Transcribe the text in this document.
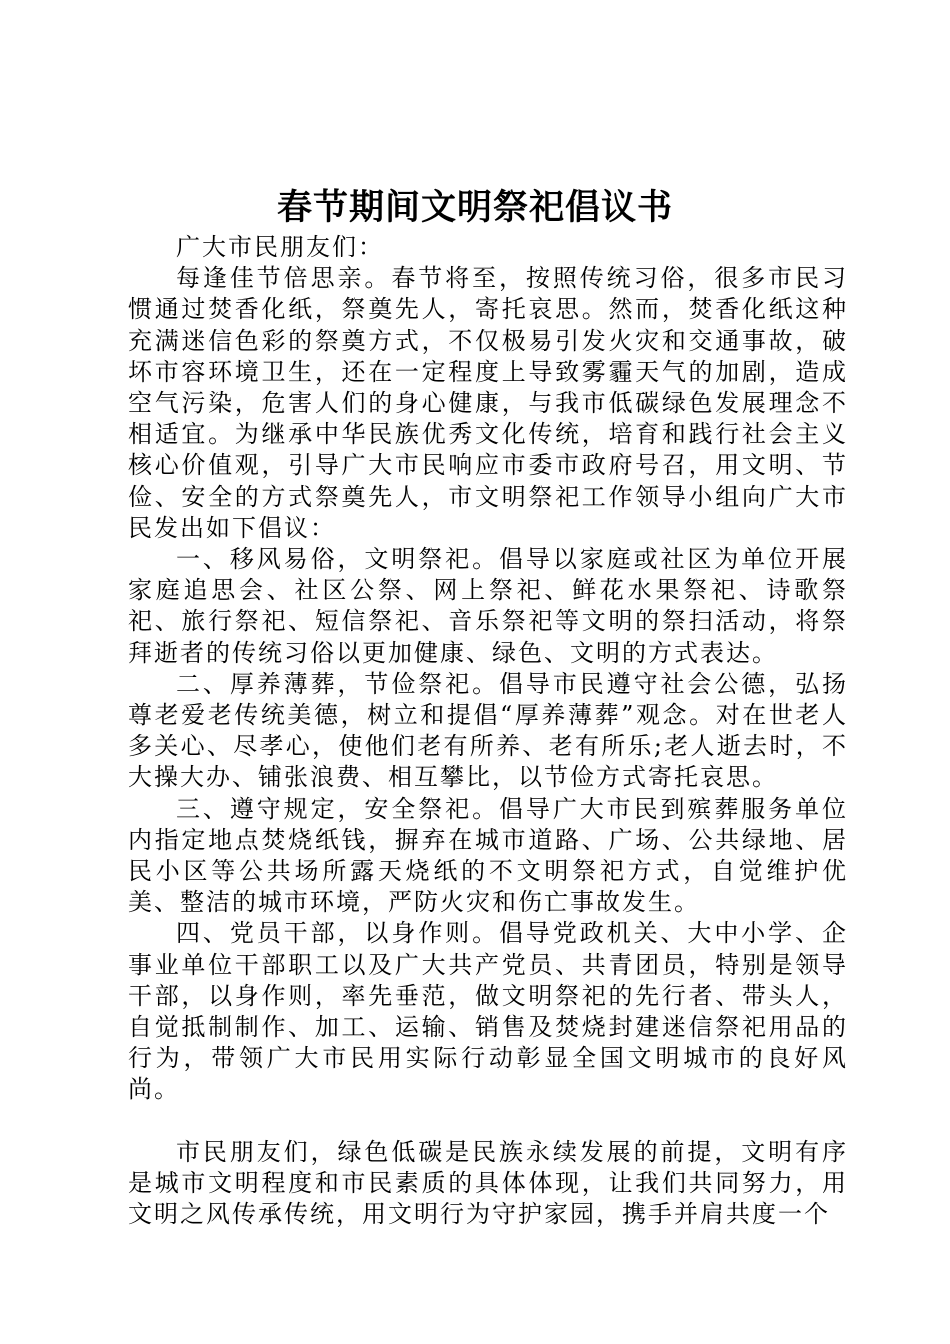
春节期间文明祭祀倡议书

广大市民朋友们：

每逢佳节倍思亲。春节将至，按照传统习俗，很多市民习惯通过焚香化纸，祭奠先人，寄托哀思。然而，焚香化纸这种充满迷信色彩的祭奠方式，不仅极易引发火灾和交通事故，破坏市容环境卫生，还在一定程度上导致雾霾天气的加剧，造成空气污染，危害人们的身心健康，与我市低碳绿色发展理念不相适宜。为继承中华民族优秀文化传统，培育和践行社会主义核心价值观，引导广大市民响应市委市政府号召，用文明、节俭、安全的方式祭奠先人，市文明祭祀工作领导小组向广大市民发出如下倡议：

一、移风易俗，文明祭祀。倡导以家庭或社区为单位开展家庭追思会、社区公祭、网上祭祀、鲜花水果祭祀、诗歌祭祀、旅行祭祀、短信祭祀、音乐祭祀等文明的祭扫活动，将祭拜逝者的传统习俗以更加健康、绿色、文明的方式表达。

二、厚养薄葬，节俭祭祀。倡导市民遵守社会公德，弘扬尊老爱老传统美德，树立和提倡“厚养薄葬”观念。对在世老人多关心、尽孝心，使他们老有所养、老有所乐;老人逝去时，不大操大办、铺张浪费、相互攀比，以节俭方式寄托哀思。

三、遵守规定，安全祭祀。倡导广大市民到殡葬服务单位内指定地点焚烧纸钱，摒弃在城市道路、广场、公共绿地、居民小区等公共场所露天烧纸的不文明祭祀方式，自觉维护优美、整洁的城市环境，严防火灾和伤亡事故发生。

四、党员干部，以身作则。倡导党政机关、大中小学、企事业单位干部职工以及广大共产党员、共青团员，特别是领导干部，以身作则，率先垂范，做文明祭祀的先行者、带头人，自觉抵制制作、加工、运输、销售及焚烧封建迷信祭祀用品的行为，带领广大市民用实际行动彰显全国文明城市的良好风尚。

市民朋友们，绿色低碳是民族永续发展的前提，文明有序是城市文明程度和市民素质的具体体现，让我们共同努力，用文明之风传承传统，用文明行为守护家园，携手并肩共度一个
